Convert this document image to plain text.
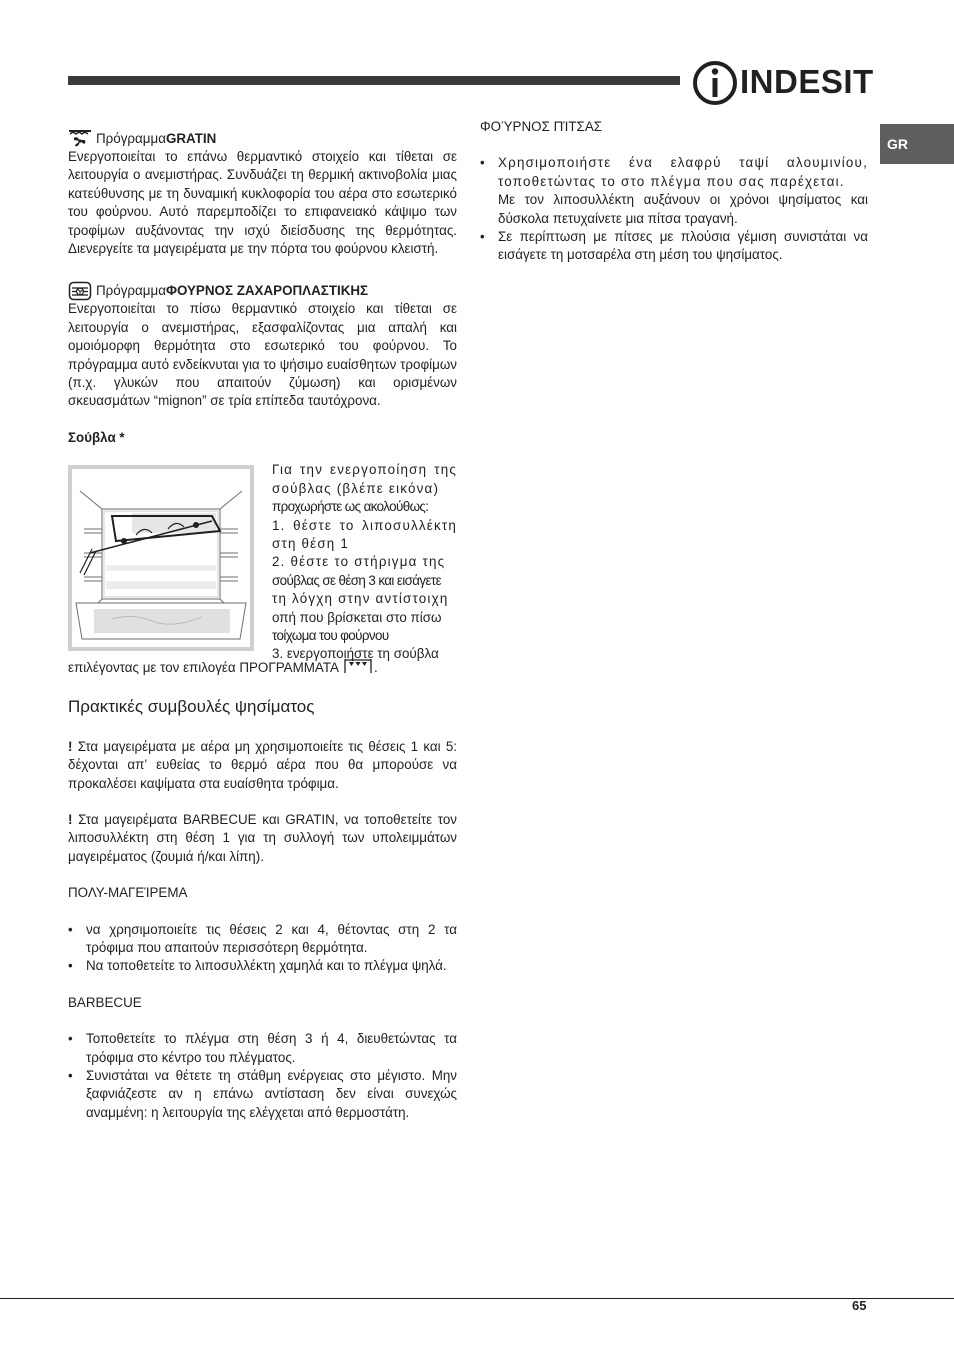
INDESIT
GR
Πρόγραμμα GRATIN

Ενεργοποιείται το επάνω θερμαντικό στοιχείο και τίθεται σε λειτουργία ο ανεμιστήρας. Συνδυάζει τη θερμική ακτινοβολία μιας κατεύθυνσης με τη δυναμική κυκλοφορία του αέρα στο εσωτερικό του φούρνου. Αυτό παρεμποδίζει το επιφανειακό κάψιμο των τροφίμων αυξάνοντας την ισχύ διείσδυσης της θερμότητας. Διενεργείτε τα μαγειρέματα με την πόρτα του φούρνου κλειστή.

Πρόγραμμα ΦΟΥΡΝΟΣ ΖΑΧΑΡΟΠΛΑΣΤΙΚΗΣ

Ενεργοποιείται το πίσω θερμαντικό στοιχείο και τίθεται σε λειτουργία ο ανεμιστήρας, εξασφαλίζοντας μια απαλή και ομοιόμορφη θερμότητα στο εσωτερικό του φούρνου. Το πρόγραμμα αυτό ενδείκνυται για το ψήσιμο ευαίσθητων τροφίμων (π.χ. γλυκών που απαιτούν ζύμωση) και ορισμένων σκευασμάτων “mignon” σε τρία επίπεδα ταυτόχρονα.

Σούβλα *

Για την ενεργοποίηση της σούβλας (βλέπε εικόνα)

προχωρήστε ως ακολούθως:

1. θέστε το λιποσυλλέκτη στη θέση 1

2. θέστε το στήριγμα της

σούβλας σε θέση 3 και εισάγετε

τη λόγχη στην αντίστοιχη

οπή που βρίσκεται στο πίσω
τοίχωμα του φούρνου
3. ενεργοποιήστε τη σούβλα
επιλέγοντας με τον επιλογέα ΠΡΟΓΡΑΜΜΑΤΑ .
Πρακτικές συμβουλές ψησίματος

! Στα μαγειρέματα με αέρα μη χρησιμοποιείτε τις θέσεις 1 και 5: δέχονται απ’ ευθείας το θερμό αέρα που θα μπορούσε να προκαλέσει καψίματα στα ευαίσθητα τρόφιμα.

! Στα μαγειρέματα BARBECUE και GRATIN, να τοποθετείτε τον λιποσυλλέκτη στη θέση 1 για τη συλλογή των υπολειμμάτων μαγειρέματος (ζουμιά ή/και λίπη).

ΠΟΛΥ-ΜΑΓΕΊΡΕΜΑ
• να χρησιμοποιείτε τις θέσεις 2 και 4, θέτοντας στη 2 τα τρόφιμα που απαιτούν περισσότερη θερμότητα.
• Να τοποθετείτε το λιποσυλλέκτη χαμηλά και το πλέγμα ψηλά.
BARBECUE
• Τοποθετείτε το πλέγμα στη θέση 3 ή 4, διευθετώντας τα τρόφιμα στο κέντρο του πλέγματος.
• Συνιστάται να θέτετε τη στάθμη ενέργειας στο μέγιστο. Μην ξαφνιάζεστε αν η επάνω αντίσταση δεν είναι συνεχώς αναμμένη: η λειτουργία της ελέγχεται από θερμοστάτη.
ΦΟΎΡΝΟΣ ΠΊΤΣΑΣ
• Χρησιμοποιήστε ένα ελαφρύ ταψί αλουμινίου, τοποθετώντας το στο πλέγμα που σας παρέχεται.
Με τον λιποσυλλέκτη αυξάνουν οι χρόνοι ψησίματος και δύσκολα πετυχαίνετε μια πίτσα τραγανή.
• Σε περίπτωση με πίτσες με πλούσια γέμιση συνιστάται να εισάγετε τη μοτσαρέλα στη μέση του ψησίματος.
65
